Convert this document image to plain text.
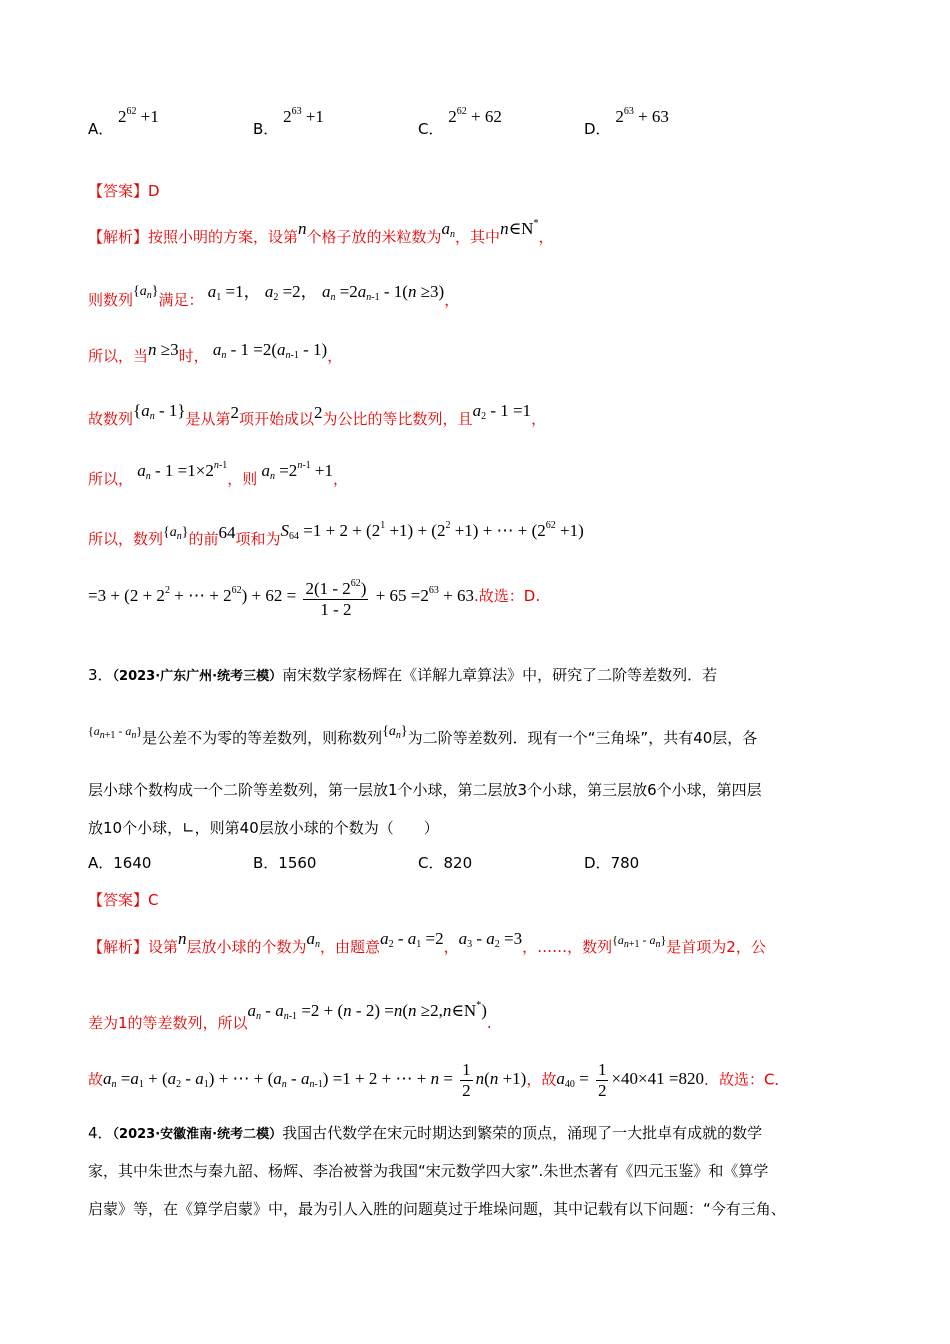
A． $2^{62} +1$
B． $2^{63} +1$
C． $2^{62} + 62$
D． $2^{63} + 63$
【答案】D
【解析】按照小明的方案，设第n个格子放的米粒数为$a_n$，其中n∈N*，
则数列$\{a_n\}$满足： $a_1 =1$， $a_2 =2$， $a_n =2a_{n-1} - 1(n \ge 3)$，
所以，当n ≥3时， $a_n - 1 =2(a_{n-1} - 1)$，
故数列$\{a_n - 1\}$是从第2项开始成以2为公比的等比数列，且$a_2 - 1 =1$，
所以， $a_n - 1 =1\times 2^{n-1}$，则 $a_n =2^{n-1} +1$，
所以，数列$\{a_n\}$的前64项和为$S_{64} =1 + 2 + (2^1 +1) + (2^2 +1)$ + ⋯ + $(2^{62} +1)$
$=3 + (2 + 2^2$ + ⋯ + $2^{62}) + 62 = \frac{2(1 - 2^{62})}{1 - 2} + 65 =2^{63} + 63$.故选：D.
3．（2023·广东广州·统考三模）南宋数学家杨辉在《详解九章算法》中，研究了二阶等差数列．若
$^{\{a_{n+1} - a_n\}}$是公差不为零的等差数列，则称数列$\{a_n\}$为二阶等差数列．现有一个“三角垛”，共有40层，各
层小球个数构成一个二阶等差数列，第一层放1个小球，第二层放3个小球，第三层放6个小球，第四层
放10个小球，∟，则第40层放小球的个数为（　　）
A．1640	B．1560	C．820	D．780
【答案】C
【解析】设第n层放小球的个数为$a_n$，由题意$a_2 - a_1 =2$，$a_3 - a_2 =3$，……，数列$^{\{a_{n+1} - a_n\}}$是首项为2，公
差为1的等差数列，所以$a_n - a_{n-1} =2 + (n - 2) =n(n$ ≥2,n∈N*).
故$a_n =a_1 + (a_2 - a_1)$ + ⋯ + $(a_n - a_{n-1}) =1 + 2$ + ⋯ + $n = \frac{1}{2} n(n +1)$，故$a_{40} = \frac{1}{2} \times 40\times 41 =820$．故选：C．
4．（2023·安徽淮南·统考二模）我国古代数学在宋元时期达到繁荣的顶点，涌现了一大批卓有成就的数学
家，其中朱世杰与秦九韶、杨辉、李冶被誉为我国“宋元数学四大家”.朱世杰著有《四元玉鉴》和《算学
启蒙》等，在《算学启蒙》中，最为引人入胜的问题莫过于堆垛问题，其中记载有以下问题：“今有三角、
